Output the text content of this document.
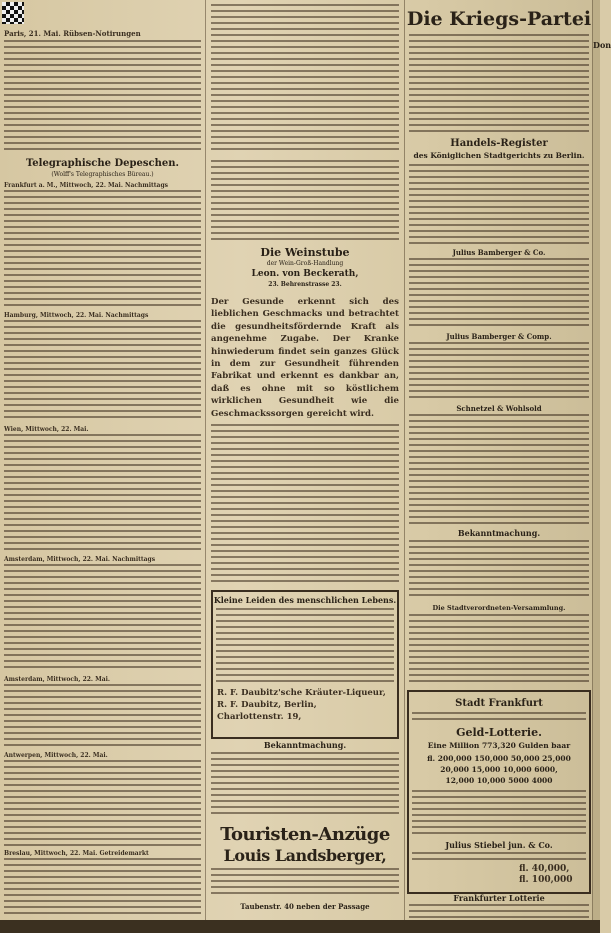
Paris, 21. Mai. Rübsen-Notirungen
Telegraphische Depeschen.
(Wolff's Telegraphisches Büreau.)
Frankfurt a. M., Mittwoch, 22. Mai. Nachmittags
Hamburg, Mittwoch, 22. Mai. Nachmittags
Wien, Mittwoch, 22. Mai.
Amsterdam, Mittwoch, 22. Mai. Nachmittags
Amsterdam, Mittwoch, 22. Mai.
Antwerpen, Mittwoch, 22. Mai.
Breslau, Mittwoch, 22. Mai. Getreidemarkt
Die Weinstube
der Wein-Groß-Handlung
Leon. von Beckerath,
23. Behrenstrasse 23.
Der Gesunde erkennt sich des lieblichen Geschmacks und betrachtet die gesundheitsfördernde Kraft als angenehme Zugabe. Der Kranke hinwiederum findet sein ganzes Glück in dem zur Gesundheit führenden Fabrikat und erkennt es dankbar an, daß es ohne mit so köstlichem wirklichen Gesundheit wie die Geschmackssorgen gereicht wird.
Kleine Leiden des menschlichen Lebens.
R. F. Daubitz'sche Kräuter-Liqueur,
R. F. Daubitz, Berlin,
Charlottenstr. 19,
Bekanntmachung.
Touristen-Anzüge
Louis Landsberger,
Taubenstr. 40 neben der Passage
Die Kriegs-Partei
Handels-Register
des Königlichen Stadtgerichts zu Berlin.
Julius Bamberger & Co.
Julius Bamberger & Comp.
Schnetzel & Wohlsold
Bekanntmachung.
Die Stadtverordneten-Versammlung.
Stadt Frankfurt
Geld-Lotterie.
Eine Million 773,320 Gulden baar
fl. 200,000 150,000 50,000 25,000
20,000 15,000 10,000 6000,
12,000 10,000 5000 4000
Julius Stiebel jun. & Co.
fl. 40,000,
fl. 100,000
Frankfurter Lotterie
Don
